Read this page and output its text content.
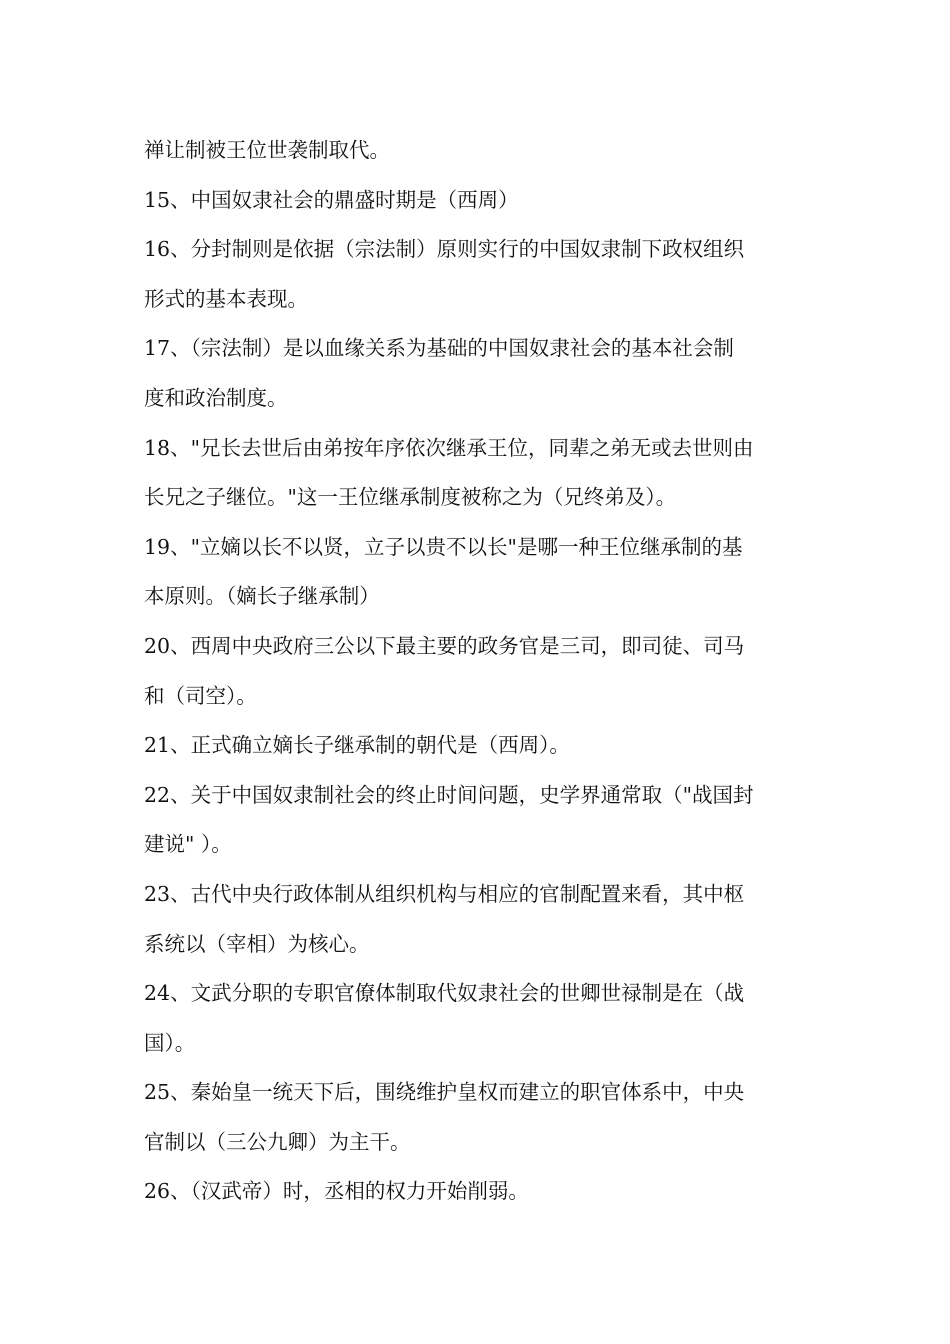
禅让制被王位世袭制取代。
15、中国奴隶社会的鼎盛时期是（西周）
16、分封制则是依据（宗法制）原则实行的中国奴隶制下政权组织
形式的基本表现。
17、（宗法制）是以血缘关系为基础的中国奴隶社会的基本社会制
度和政治制度。
18、"兄长去世后由弟按年序依次继承王位，同辈之弟无或去世则由
长兄之子继位。"这一王位继承制度被称之为（兄终弟及）。
19、"立嫡以长不以贤，立子以贵不以长"是哪一种王位继承制的基
本原则。（嫡长子继承制）
20、西周中央政府三公以下最主要的政务官是三司，即司徒、司马
和（司空）。
21、正式确立嫡长子继承制的朝代是（西周）。
22、关于中国奴隶制社会的终止时间问题，史学界通常取（"战国封
建说" ）。
23、古代中央行政体制从组织机构与相应的官制配置来看，其中枢
系统以（宰相）为核心。
24、文武分职的专职官僚体制取代奴隶社会的世卿世禄制是在（战
国）。
25、秦始皇一统天下后，围绕维护皇权而建立的职官体系中，中央
官制以（三公九卿）为主干。
26、（汉武帝）时，丞相的权力开始削弱。
